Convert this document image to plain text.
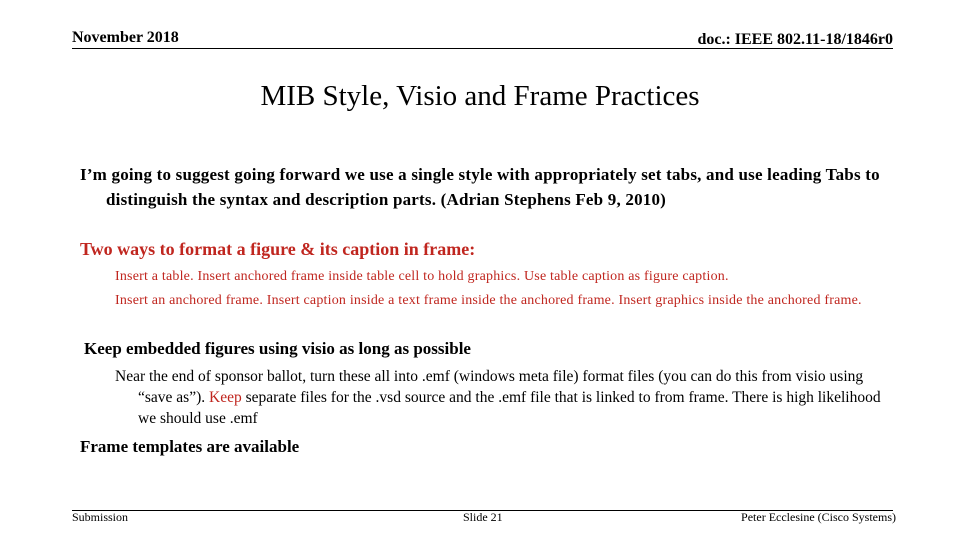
November 2018	doc.: IEEE 802.11-18/1846r0
MIB Style, Visio and Frame Practices
I’m going to suggest going forward we use a single style with appropriately set tabs, and use leading Tabs to distinguish the syntax and description parts. (Adrian Stephens Feb 9, 2010)
Two ways to format a figure & its caption in frame:
Insert a table. Insert anchored frame inside table cell to hold graphics. Use table caption as figure caption.
Insert an anchored frame. Insert caption inside a text frame inside the anchored frame. Insert graphics inside the anchored frame.
Keep embedded figures using visio as long as possible
Near the end of sponsor ballot, turn these all into .emf (windows meta file) format files (you can do this from visio using “save as”). Keep separate files for the .vsd source and the .emf file that is linked to from frame. There is high likelihood we should use .emf
Frame templates are available
Submission	Slide 21	Peter Ecclesine (Cisco Systems)
